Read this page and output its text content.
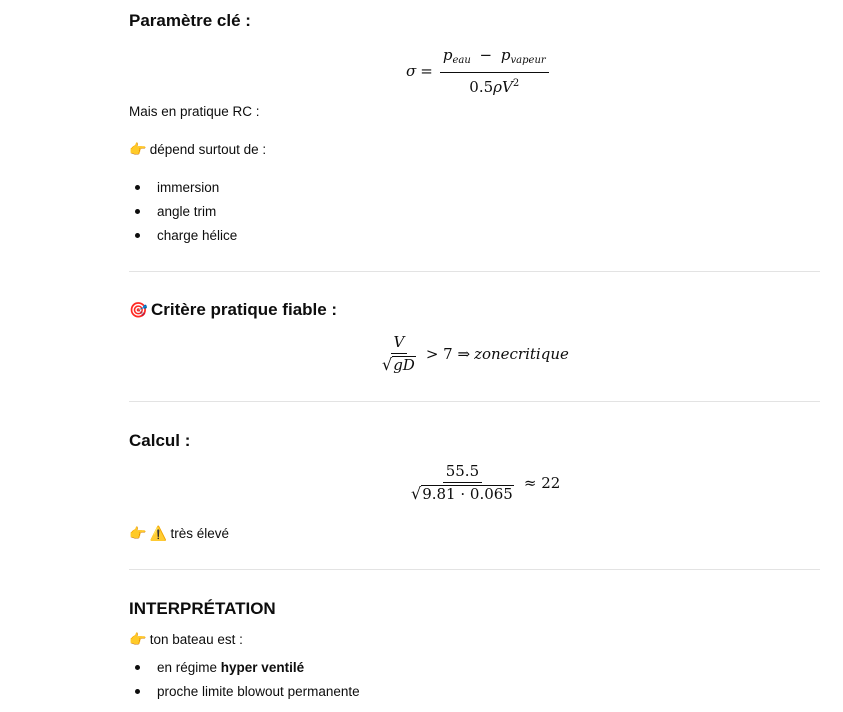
Paramètre clé :
$\sigma = \frac{p_{eau} - p_{vapeur}}{0.5\rho V^2}$

Mais en pratique RC :

👉 dépend surtout de :

immersion
angle trim
charge hélice
🎯 Critère pratique fiable :
$\frac{V}{√ gD} > 7$ ⇒ zonecritique
Calcul :
$\frac{55.5}{√ 9.81 \cdot 0.065} \approx 22$

👉 ⚠️ très élevé

INTERPRÉTATION

👉 ton bateau est :

en régime hyper ventilé
proche limite blowout permanente
